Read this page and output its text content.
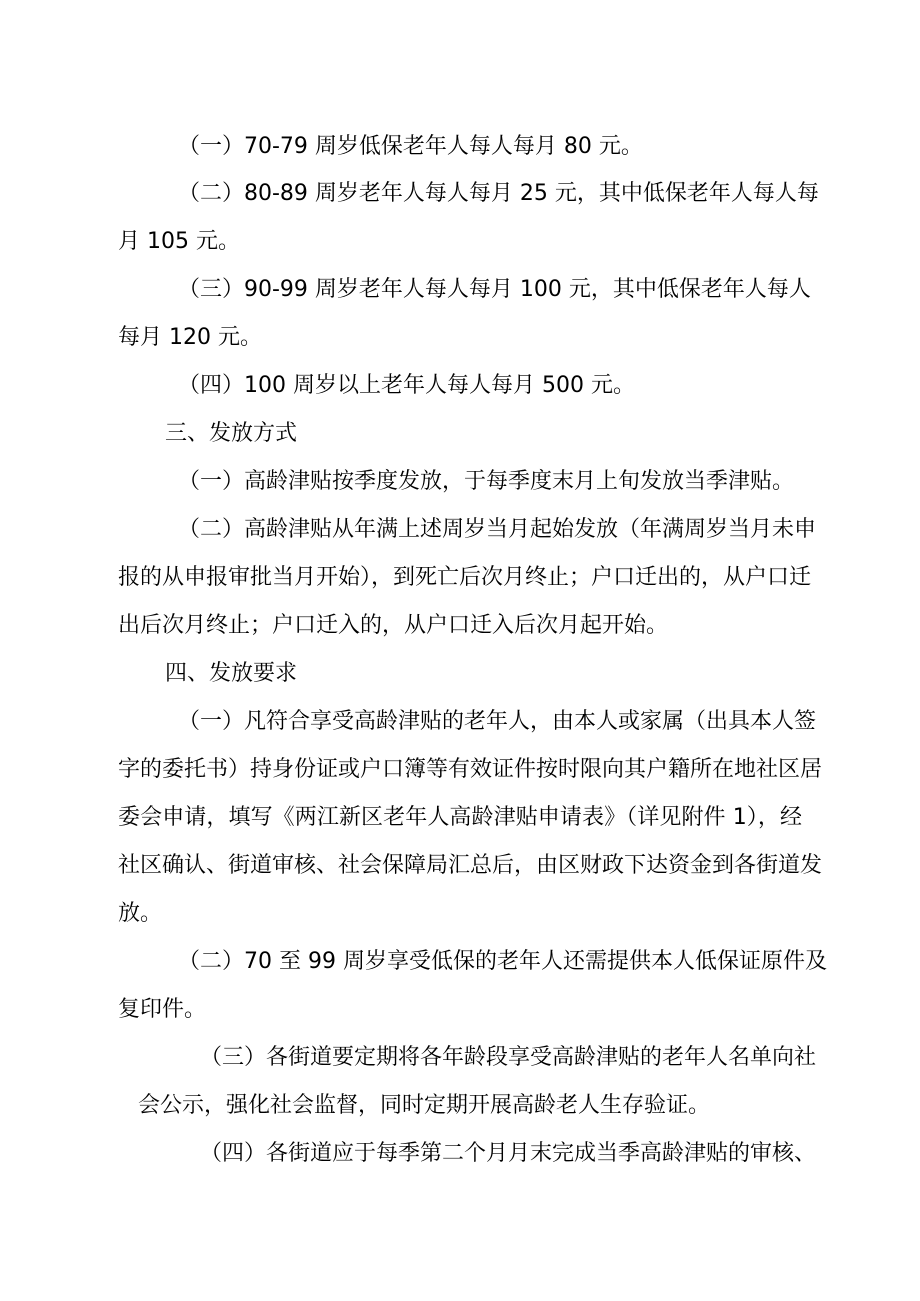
（一）70-79 周岁低保老年人每人每月 80 元。

（二）80-89 周岁老年人每人每月 25 元，其中低保老年人每人每

月 105 元。

（三）90-99 周岁老年人每人每月 100 元，其中低保老年人每人

每月 120 元。

（四）100 周岁以上老年人每人每月 500 元。

三、发放方式

（一）高龄津贴按季度发放，于每季度末月上旬发放当季津贴。

（二）高龄津贴从年满上述周岁当月起始发放（年满周岁当月未申

报的从申报审批当月开始），到死亡后次月终止；户口迁出的，从户口迁

出后次月终止；户口迁入的，从户口迁入后次月起开始。

四、发放要求

（一）凡符合享受高龄津贴的老年人，由本人或家属（出具本人签

字的委托书）持身份证或户口簿等有效证件按时限向其户籍所在地社区居

委会申请，填写《两江新区老年人高龄津贴申请表》（详见附件 1），经

社区确认、街道审核、社会保障局汇总后，由区财政下达资金到各街道发

放。

（二）70 至 99 周岁享受低保的老年人还需提供本人低保证原件及

复印件。

（三）各街道要定期将各年龄段享受高龄津贴的老年人名单向社

会公示，强化社会监督，同时定期开展高龄老人生存验证。

（四）各街道应于每季第二个月月末完成当季高龄津贴的审核、
